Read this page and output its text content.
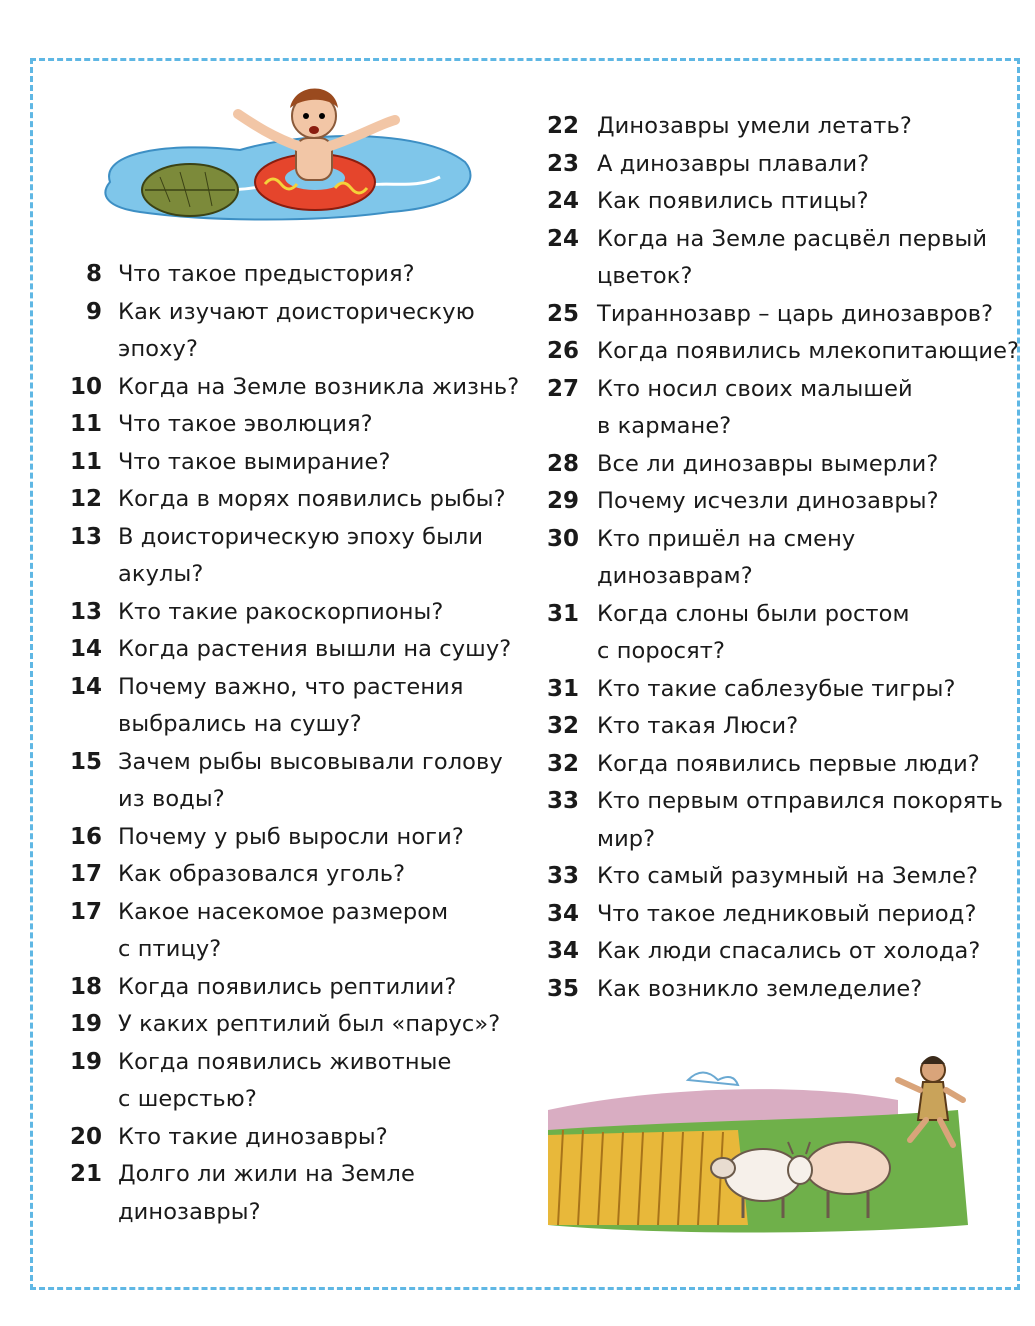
8 Что такое предыстория?
9 Как изучают доисторическую
эпоху?
10 Когда на Земле возникла жизнь?
11 Что такое эволюция?
11 Что такое вымирание?
12 Когда в морях появились рыбы?
13 В доисторическую эпоху были
акулы?
13 Кто такие ракоскорпионы?
14 Когда растения вышли на сушу?
14 Почему важно, что растения
выбрались на сушу?
15 Зачем рыбы высовывали голову
из воды?
16 Почему у рыб выросли ноги?
17 Как образовался уголь?
17 Какое насекомое размером
с птицу?
18 Когда появились рептилии?
19 У каких рептилий был «парус»?
19 Когда появились животные
с шерстью?
20 Кто такие динозавры?
21 Долго ли жили на Земле
динозавры?
22 Динозавры умели летать?
23 А динозавры плавали?
24 Как появились птицы?
24 Когда на Земле расцвёл первый
цветок?
25 Тираннозавр – царь динозавров?
26 Когда появились млекопитающие?
27 Кто носил своих малышей
в кармане?
28 Все ли динозавры вымерли?
29 Почему исчезли динозавры?
30 Кто пришёл на смену
динозаврам?
31 Когда слоны были ростом
с поросят?
31 Кто такие саблезубые тигры?
32 Кто такая Люси?
32 Когда появились первые люди?
33 Кто первым отправился покорять
мир?
33 Кто самый разумный на Земле?
34 Что такое ледниковый период?
34 Как люди спасались от холода?
35 Как возникло земледелие?
